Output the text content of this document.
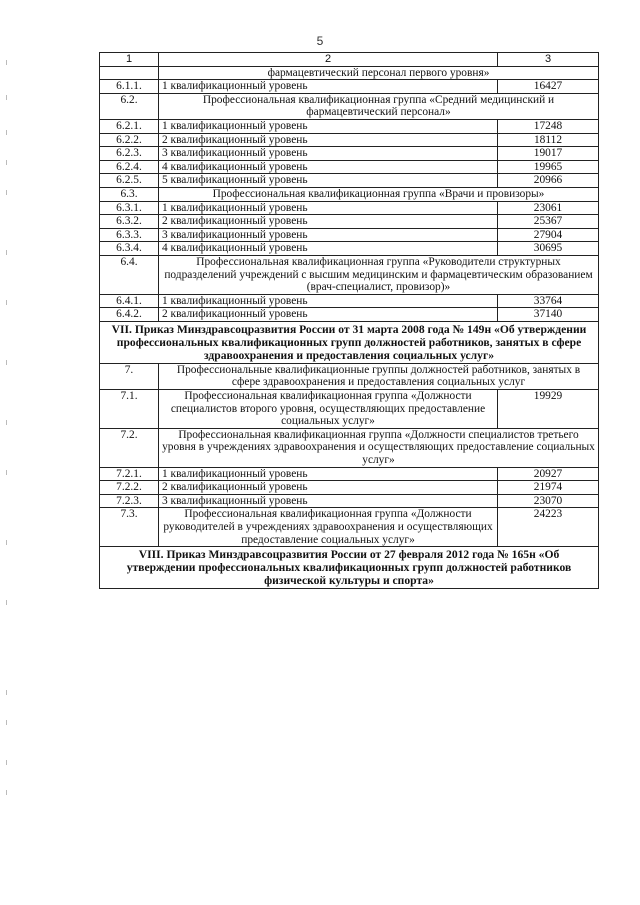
5
1	2	3
	фармацевтический персонал первого уровня»	
6.1.1.	1 квалификационный уровень	16427
6.2.	Профессиональная квалификационная группа «Средний медицинский и фармацевтический персонал»	
6.2.1.	1 квалификационный уровень	17248
6.2.2.	2 квалификационный уровень	18112
6.2.3.	3 квалификационный уровень	19017
6.2.4.	4 квалификационный уровень	19965
6.2.5.	5 квалификационный уровень	20966
6.3.	Профессиональная квалификационная группа «Врачи и провизоры»	
6.3.1.	1 квалификационный уровень	23061
6.3.2.	2 квалификационный уровень	25367
6.3.3.	3 квалификационный уровень	27904
6.3.4.	4 квалификационный уровень	30695
6.4.	Профессиональная квалификационная группа «Руководители структурных подразделений учреждений с высшим медицинским и фармацевтическим образованием (врач-специалист, провизор)»	
6.4.1.	1 квалификационный уровень	33764
6.4.2.	2 квалификационный уровень	37140
VII. Приказ Минздравсоцразвития России от 31 марта 2008 года № 149н «Об утверждении профессиональных квалификационных групп должностей работников, занятых в сфере здравоохранения и предоставления социальных услуг»		
7.	Профессиональные квалификационные группы должностей работников, занятых в сфере здравоохранения и предоставления социальных услуг	
7.1.	Профессиональная квалификационная группа «Должности специалистов второго уровня, осуществляющих предоставление социальных услуг»	19929
7.2.	Профессиональная квалификационная группа «Должности специалистов третьего уровня в учреждениях здравоохранения и осуществляющих предоставление социальных услуг»	
7.2.1.	1 квалификационный уровень	20927
7.2.2.	2 квалификационный уровень	21974
7.2.3.	3 квалификационный уровень	23070
7.3.	Профессиональная квалификационная группа «Должности руководителей в учреждениях здравоохранения и осуществляющих предоставление социальных услуг»	24223
VIII. Приказ Минздравсоцразвития России от 27 февраля 2012 года № 165н «Об утверждении профессиональных квалификационных групп должностей работников физической культуры и спорта»		
